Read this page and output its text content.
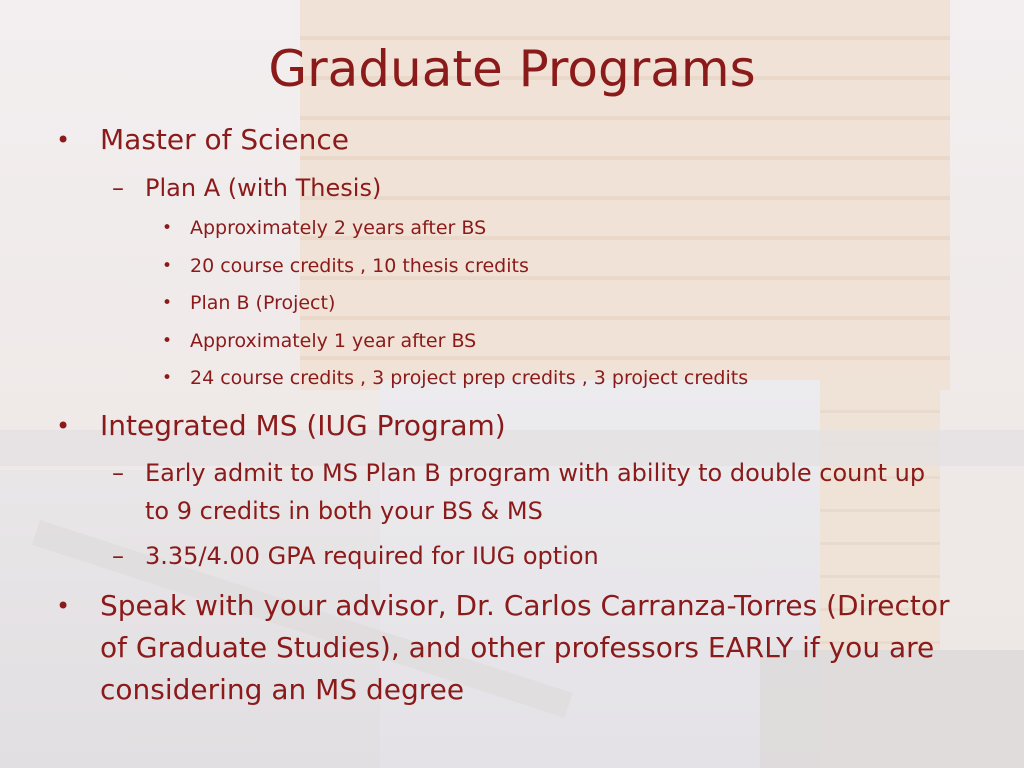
Graduate Programs
• Master of Science
– Plan A (with Thesis)
• Approximately 2 years after BS
• 20 course credits , 10 thesis credits
• Plan B (Project)
• Approximately 1 year after BS
• 24 course credits , 3 project prep credits , 3 project credits
• Integrated MS (IUG Program)
– Early admit to MS Plan B program with ability to double count up to 9 credits in both your BS & MS
– 3.35/4.00 GPA required for IUG option
• Speak with your advisor, Dr. Carlos Carranza-Torres (Director of Graduate Studies), and other professors EARLY if you are considering an MS degree
